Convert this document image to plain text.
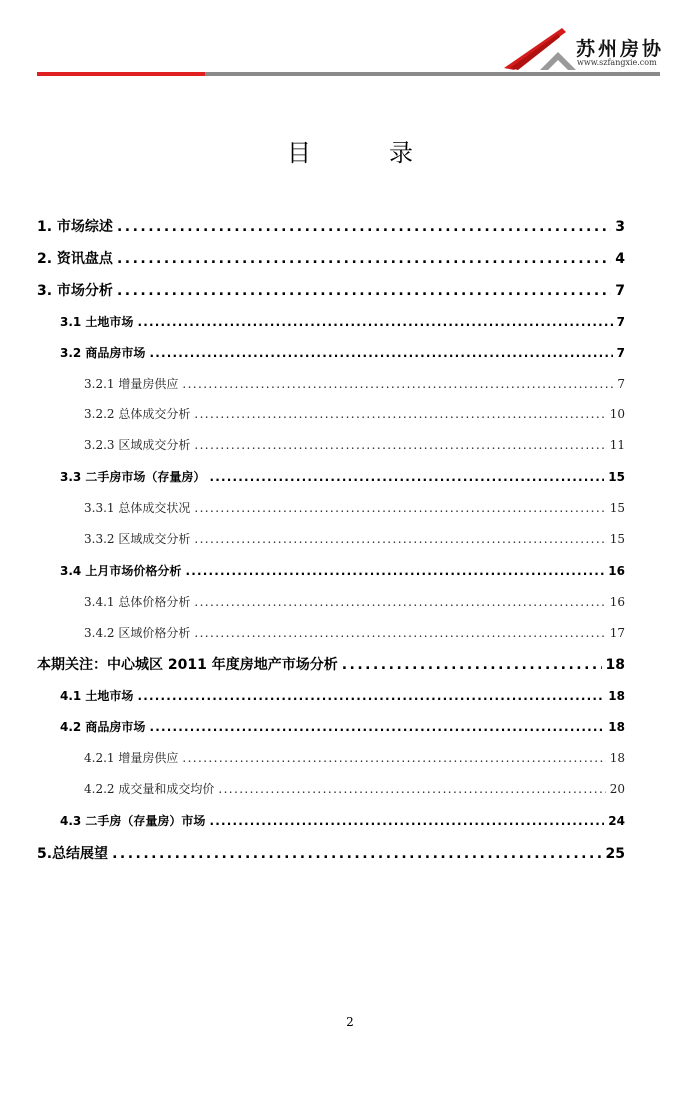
苏州房协
www.szfangxie.com
目	录
1. 市场综述 .....	3
2. 资讯盘点 .....	4
3. 市场分析 .....	7
3.1 土地市场 .....	7
3.2 商品房市场 .....	7
3.2.1 增量房供应 .....	7
3.2.2 总体成交分析 .....	10
3.2.3 区域成交分析 .....	11
3.3 二手房市场（存量房） .....	15
3.3.1 总体成交状况 .....	15
3.3.2 区域成交分析 .....	15
3.4 上月市场价格分析 .....	16
3.4.1 总体价格分析 .....	16
3.4.2 区域价格分析 .....	17
本期关注：中心城区 2011 年度房地产市场分析 .....	18
4.1 土地市场 .....	18
4.2 商品房市场 .....	18
4.2.1 增量房供应 .....	18
4.2.2 成交量和成交均价 .....	20
4.3 二手房（存量房）市场 .....	24
5.总结展望 .....	25
2
